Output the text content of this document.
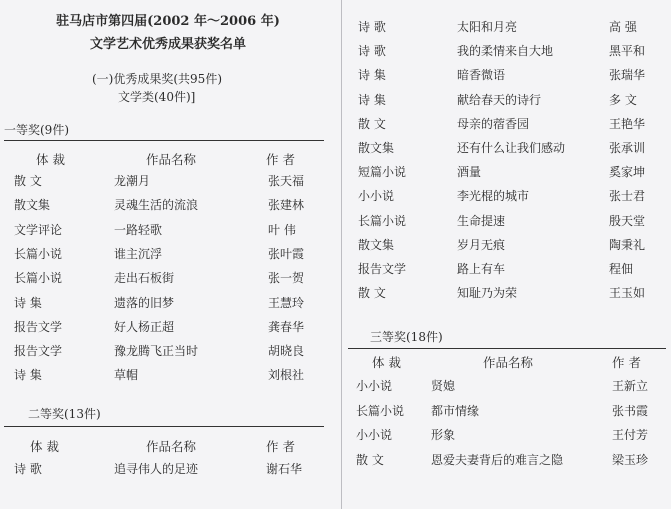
驻马店市第四届(2002 年～2006 年)
文学艺术优秀成果获奖名单
(一)优秀成果奖(共95件)
文学类(40件)]
一等奖(9件)
体 裁	作品名称	作 者
散 文	龙潮月	张天福
散文集	灵魂生活的流浪	张建林
文学评论	一路轻歌	叶 伟
长篇小说	谁主沉浮	张叶霞
长篇小说	走出石板街	张一贺
诗 集	遗落的旧梦	王慧玲
报告文学	好人杨正超	龚春华
报告文学	豫龙腾飞正当时	胡晓良
诗 集	草帽	刘根社
二等奖(13件)
体 裁	作品名称	作 者
诗 歌	追寻伟人的足迹	谢石华
诗 歌	太阳和月亮	高 强
诗 歌	我的柔情来自大地	黑平和
诗 集	暗香微语	张瑞华
诗 集	献给春天的诗行	多 文
散 文	母亲的蓿香园	王艳华
散文集	还有什么让我们感动	张承训
短篇小说	酒量	奚家坤
小小说	李光棍的城市	张士君
长篇小说	生命提速	殷天堂
散文集	岁月无痕	陶秉礼
报告文学	路上有车	程佃
散 文	知耻乃为荣	王玉如
三等奖(18件)
体 裁	作品名称	作 者
小小说	贤媳	王新立
长篇小说 都市情缘	张书霞
小小说	形象	王付芳
散 文	恩爱夫妻背后的难言之隐	梁玉珍
